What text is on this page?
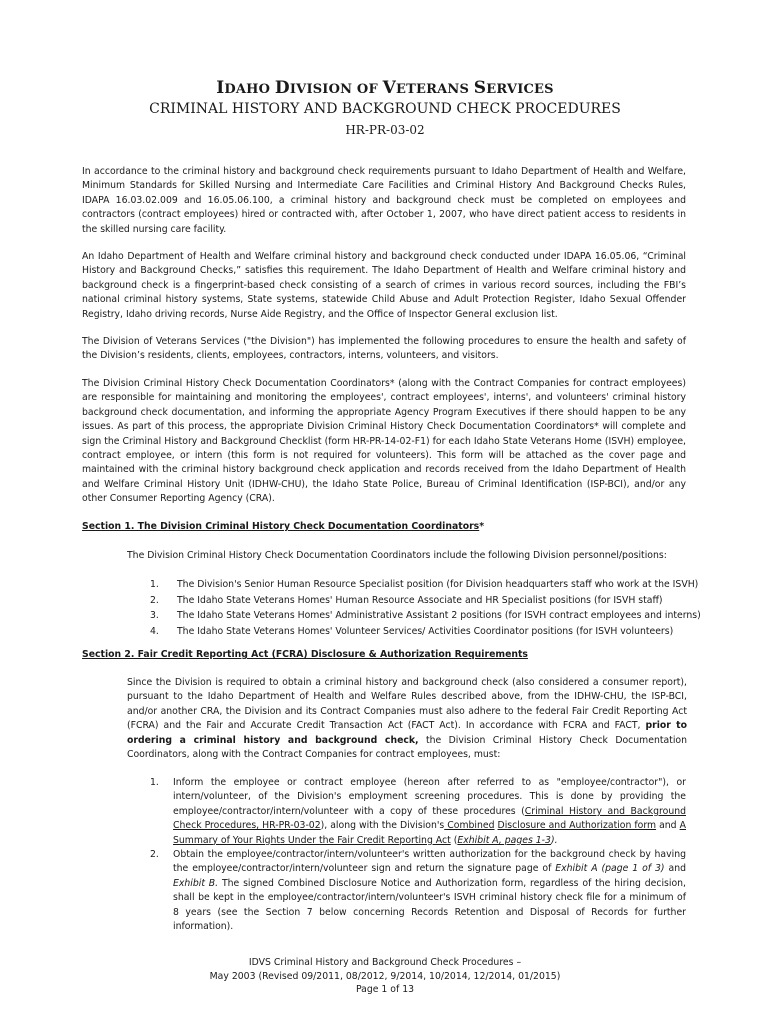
IDAHO DIVISION OF VETERANS SERVICES
CRIMINAL HISTORY AND BACKGROUND CHECK PROCEDURES
HR-PR-03-02

In accordance to the criminal history and background check requirements pursuant to Idaho Department of Health and Welfare, Minimum Standards for Skilled Nursing and Intermediate Care Facilities and Criminal History And Background Checks Rules, IDAPA 16.03.02.009 and 16.05.06.100, a criminal history and background check must be completed on employees and contractors (contract employees) hired or contracted with, after October 1, 2007, who have direct patient access to residents in the skilled nursing care facility.

An Idaho Department of Health and Welfare criminal history and background check conducted under IDAPA 16.05.06, “Criminal History and Background Checks,” satisfies this requirement. The Idaho Department of Health and Welfare criminal history and background check is a fingerprint-based check consisting of a search of crimes in various record sources, including the FBI’s national criminal history systems, State systems, statewide Child Abuse and Adult Protection Register, Idaho Sexual Offender Registry, Idaho driving records, Nurse Aide Registry, and the Office of Inspector General exclusion list.

The Division of Veterans Services ("the Division") has implemented the following procedures to ensure the health and safety of the Division’s residents, clients, employees, contractors, interns, volunteers, and visitors.

The Division Criminal History Check Documentation Coordinators* (along with the Contract Companies for contract employees) are responsible for maintaining and monitoring the employees', contract employees', interns', and volunteers' criminal history background check documentation, and informing the appropriate Agency Program Executives if there should happen to be any issues. As part of this process, the appropriate Division Criminal History Check Documentation Coordinators* will complete and sign the Criminal History and Background Checklist (form HR-PR-14-02-F1) for each Idaho State Veterans Home (ISVH) employee, contract employee, or intern (this form is not required for volunteers). This form will be attached as the cover page and maintained with the criminal history background check application and records received from the Idaho Department of Health and Welfare Criminal History Unit (IDHW-CHU), the Idaho State Police, Bureau of Criminal Identification (ISP-BCI), and/or any other Consumer Reporting Agency (CRA).

Section 1. The Division Criminal History Check Documentation Coordinators*

The Division Criminal History Check Documentation Coordinators include the following Division personnel/positions:

1. The Division's Senior Human Resource Specialist position (for Division headquarters staff who work at the ISVH)
2. The Idaho State Veterans Homes' Human Resource Associate and HR Specialist positions (for ISVH staff)
3. The Idaho State Veterans Homes' Administrative Assistant 2 positions (for ISVH contract employees and interns)
4. The Idaho State Veterans Homes' Volunteer Services/ Activities Coordinator positions (for ISVH volunteers)

Section 2. Fair Credit Reporting Act (FCRA) Disclosure & Authorization Requirements

Since the Division is required to obtain a criminal history and background check (also considered a consumer report), pursuant to the Idaho Department of Health and Welfare Rules described above, from the IDHW-CHU, the ISP-BCI, and/or another CRA, the Division and its Contract Companies must also adhere to the federal Fair Credit Reporting Act (FCRA) and the Fair and Accurate Credit Transaction Act (FACT Act). In accordance with FCRA and FACT, prior to ordering a criminal history and background check, the Division Criminal History Check Documentation Coordinators, along with the Contract Companies for contract employees, must:

1. Inform the employee or contract employee (hereon after referred to as "employee/contractor"), or intern/volunteer, of the Division's employment screening procedures. This is done by providing the employee/contractor/intern/volunteer with a copy of these procedures (Criminal History and Background Check Procedures, HR-PR-03-02), along with the Division's Combined Disclosure and Authorization form and A Summary of Your Rights Under the Fair Credit Reporting Act (Exhibit A, pages 1-3).
2. Obtain the employee/contractor/intern/volunteer's written authorization for the background check by having the employee/contractor/intern/volunteer sign and return the signature page of Exhibit A (page 1 of 3) and Exhibit B. The signed Combined Disclosure Notice and Authorization form, regardless of the hiring decision, shall be kept in the employee/contractor/intern/volunteer's ISVH criminal history check file for a minimum of 8 years (see the Section 7 below concerning Records Retention and Disposal of Records for further information).
IDVS Criminal History and Background Check Procedures –
May 2003 (Revised 09/2011, 08/2012, 9/2014, 10/2014, 12/2014, 01/2015)
Page 1 of 13
